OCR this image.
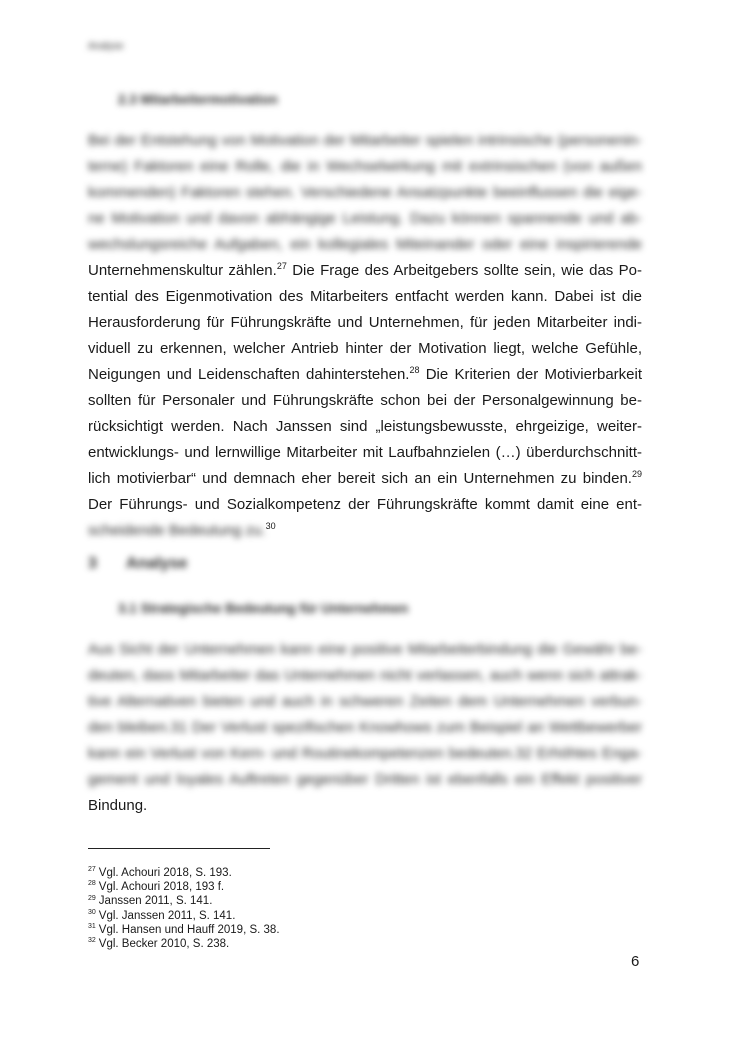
Analyse
2.3 Mitarbeitermotivation
Bei der Entstehung von Motivation der Mitarbeiter spielen intrinsische (personenin-
terne) Faktoren eine Rolle, die in Wechselwirkung mit extrinsischen (von außen
kommenden) Faktoren stehen. Verschiedene Ansatzpunkte beeinflussen die eige-
ne Motivation und davon abhängige Leistung. Dazu können spannende und ab-
wechslungsreiche Aufgaben, ein kollegiales Miteinander oder eine inspirierende
Unternehmenskultur zählen.$^{27}$ Die Frage des Arbeitgebers sollte sein, wie das Po-
tential des Eigenmotivation des Mitarbeiters entfacht werden kann. Dabei ist die
Herausforderung für Führungskräfte und Unternehmen, für jeden Mitarbeiter indi-
viduell zu erkennen, welcher Antrieb hinter der Motivation liegt, welche Gefühle,
Neigungen und Leidenschaften dahinterstehen.$^{28}$ Die Kriterien der Motivierbarkeit
sollten für Personaler und Führungskräfte schon bei der Personalgewinnung be-
rücksichtigt werden. Nach Janssen sind „leistungsbewusste, ehrgeizige, weiter-
entwicklungs- und lernwillige Mitarbeiter mit Laufbahnzielen (…) überdurchschnitt-
lich motivierbar“ und demnach eher bereit sich an ein Unternehmen zu binden.$^{29}$
Der Führungs- und Sozialkompetenz der Führungskräfte kommt damit eine ent-
scheidende Bedeutung zu.$^{30}$
3 Analyse
3.1 Strategische Bedeutung für Unternehmen
Aus Sicht der Unternehmen kann eine positive Mitarbeiterbindung die Gewähr be-
deuten, dass Mitarbeiter das Unternehmen nicht verlassen, auch wenn sich attrak-
tive Alternativen bieten und auch in schweren Zeiten dem Unternehmen verbun-
den bleiben.31 Der Verlust spezifischen Knowhows zum Beispiel an Wettbewerber
kann ein Verlust von Kern- und Routinekompetenzen bedeuten.32 Erhöhtes Enga-
gement und loyales Auftreten gegenüber Dritten ist ebenfalls ein Effekt positiver
Bindung.
$^{27}$ Vgl. Achouri 2018, S. 193.
$^{28}$ Vgl. Achouri 2018, 193 f.
$^{29}$ Janssen 2011, S. 141.
$^{30}$ Vgl. Janssen 2011, S. 141.
$^{31}$ Vgl. Hansen und Hauff 2019, S. 38.
$^{32}$ Vgl. Becker 2010, S. 238.
6
